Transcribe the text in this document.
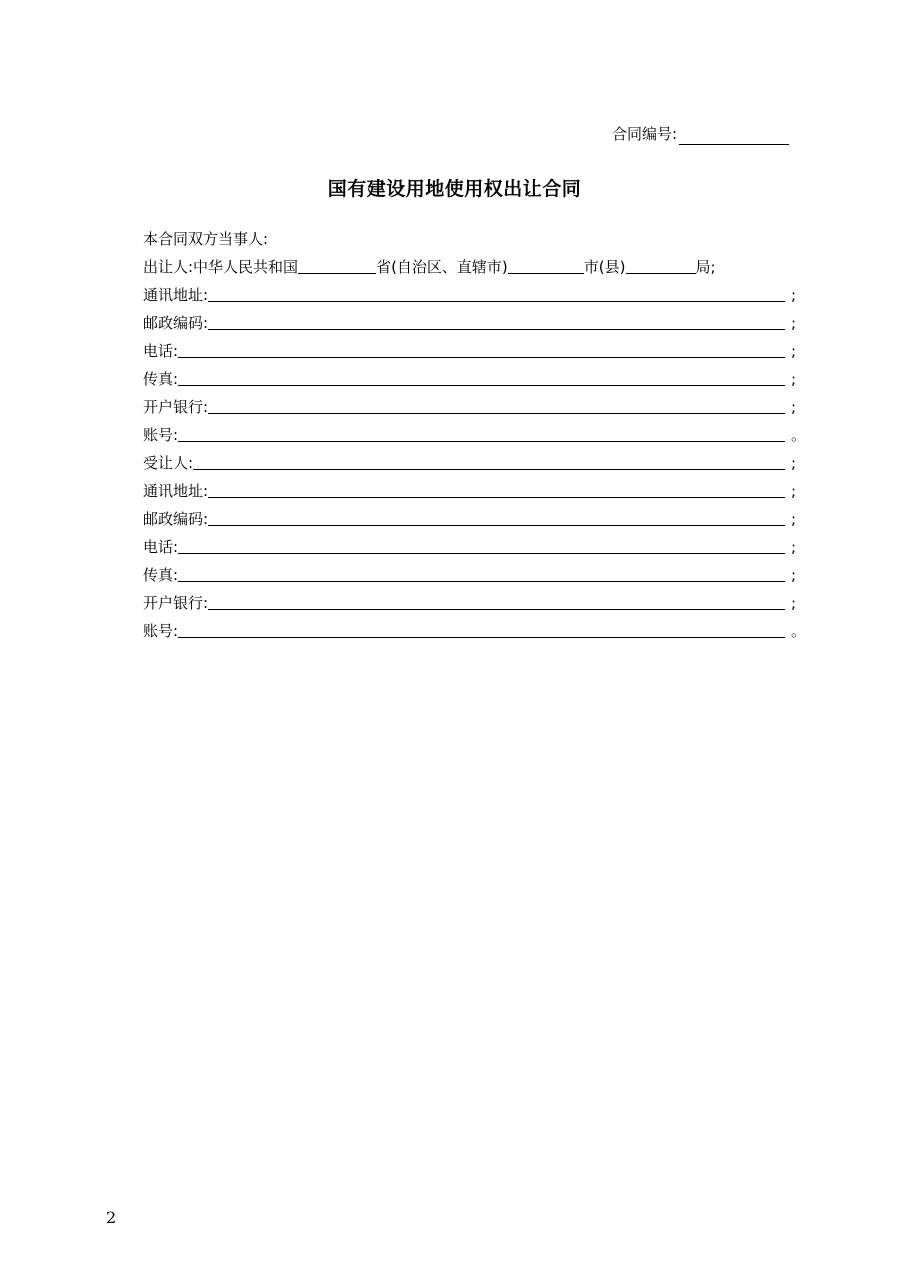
合同编号:
国有建设用地使用权出让合同
本合同双方当事人:
出让人:中华人民共和国	省(自治区、直辖市)	市(县)	局;
通讯地址:	;
邮政编码:	;
电话:	;
传真:	;
开户银行:	;
账号:	。
受让人:	;
通讯地址:	;
邮政编码:	;
电话:	;
传真:	;
开户银行:	;
账号:	。
2
